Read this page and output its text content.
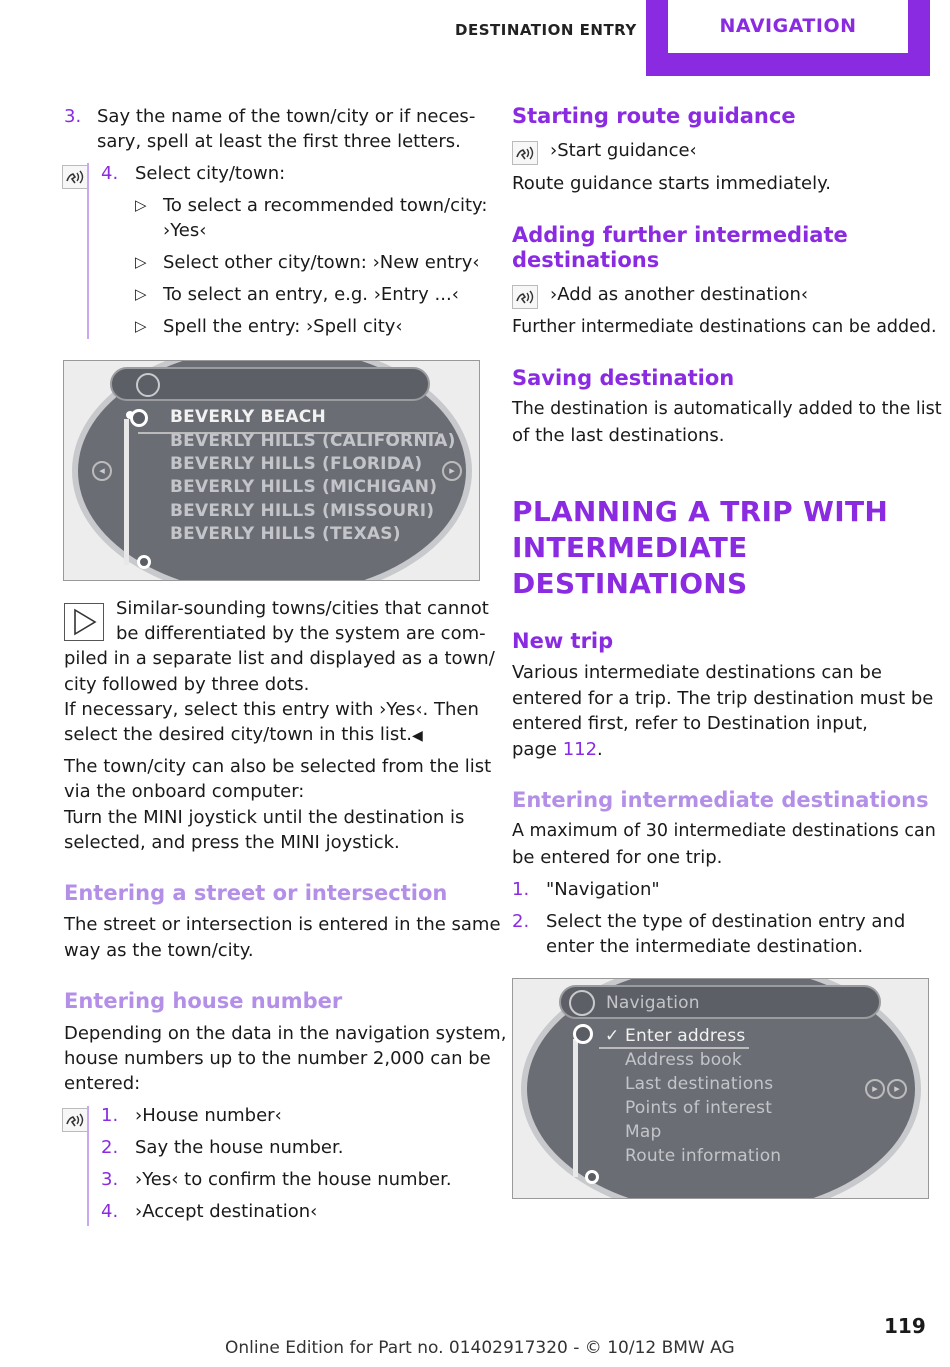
DESTINATION ENTRY	NAVIGATION
3. Say the name of the town/city or if neces-
sary, spell at least the first three letters.
4. Select city/town:
▷ To select a recommended town/city:
›Yes‹
▷ Select other city/town: ›New entry‹
▷ To select an entry, e.g. ›Entry ...‹
▷ Spell the entry: ›Spell city‹
◂	▸
BEVERLY BEACH
BEVERLY HILLS (CALIFORNIA)
BEVERLY HILLS (FLORIDA)
BEVERLY HILLS (MICHIGAN)
BEVERLY HILLS (MISSOURI)
BEVERLY HILLS (TEXAS)
Similar-sounding towns/cities that cannot
be differentiated by the system are com-
piled in a separate list and displayed as a town/
city followed by three dots.
If necessary, select this entry with ›Yes‹. Then
select the desired city/town in this list.◀
The town/city can also be selected from the list
via the onboard computer:
Turn the MINI joystick until the destination is
selected, and press the MINI joystick.
Entering a street or intersection
The street or intersection is entered in the same
way as the town/city.
Entering house number
Depending on the data in the navigation system,
house numbers up to the number 2,000 can be
entered:
1. ›House number‹
2. Say the house number.
3. ›Yes‹ to confirm the house number.
4. ›Accept destination‹
Starting route guidance
›Start guidance‹
Route guidance starts immediately.
Adding further intermediate
destinations
›Add as another destination‹
Further intermediate destinations can be added.
Saving destination
The destination is automatically added to the list
of the last destinations.
PLANNING A TRIP WITH
INTERMEDIATE
DESTINATIONS
New trip
Various intermediate destinations can be
entered for a trip. The trip destination must be
entered first, refer to Destination input,
page 112.
Entering intermediate destinations
A maximum of 30 intermediate destinations can
be entered for one trip.
1. "Navigation"
2. Select the type of destination entry and
enter the intermediate destination.
Navigation
▸	▸
✓ Enter address
Address book
Last destinations
Points of interest
Map
Route information
119
Online Edition for Part no. 01402917320 - © 10/12 BMW AG
